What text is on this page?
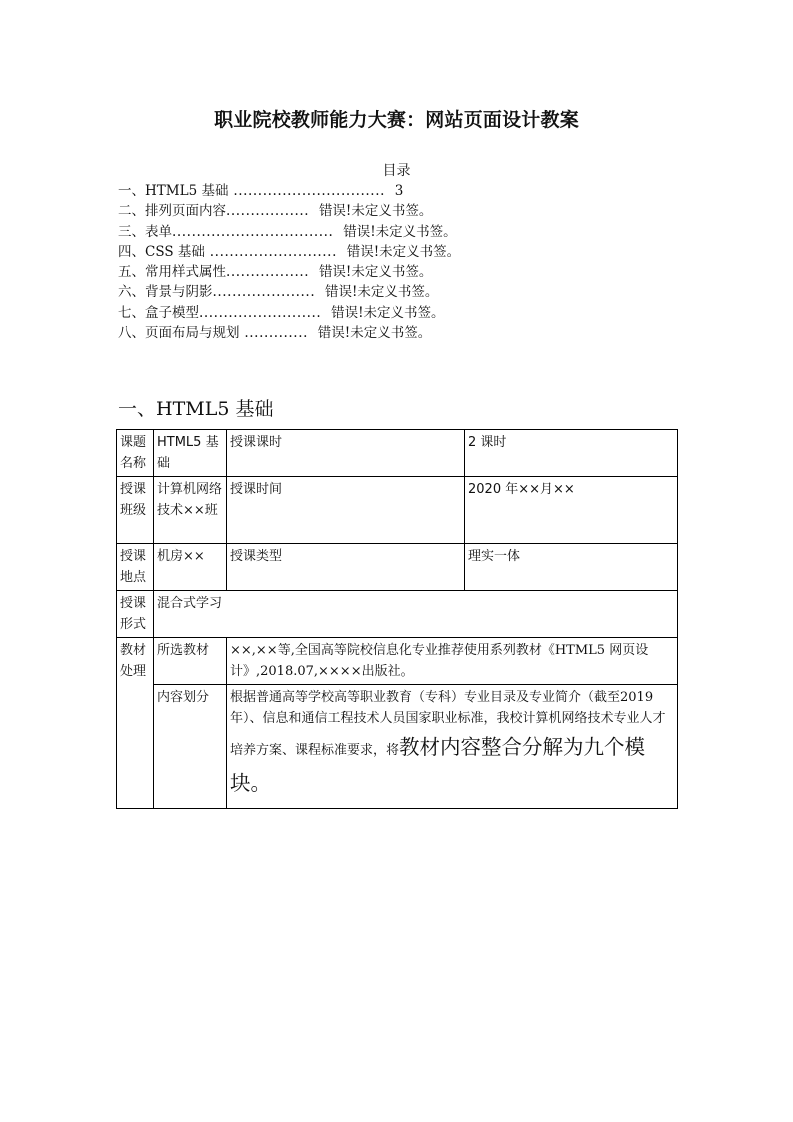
职业院校教师能力大赛：网站页面设计教案
目录
一、HTML5 基础 ............................... 3
二、排列页面内容 ................. 错误!未定义书签。
三、表单 ................................. 错误!未定义书签。
四、CSS 基础 .......................... 错误!未定义书签。
五、常用样式属性 ................. 错误!未定义书签。
六、背景与阴影 ..................... 错误!未定义书签。
七、盒子模型 ......................... 错误!未定义书签。
八、页面布局与规划 ............. 错误!未定义书签。
一、HTML5 基础
课题名称	HTML5 基础	授课课时	2 课时
授课班级	计算机网络技术××班	授课时间	2020 年××月××
授课地点	机房××	授课类型	理实一体
授课形式	混合式学习		
教材处理	所选教材	××,××等,全国高等院校信息化专业推荐使用系列教材《HTML5 网页设计》,2018.07,××××出版社。	
	内容划分	根据普通高等学校高等职业教育（专科）专业目录及专业简介（截至2019年）、信息和通信工程技术人员国家职业标准，我校计算机网络技术专业人才培养方案、课程标准要求，将教材内容整合分解为九个模块。	
